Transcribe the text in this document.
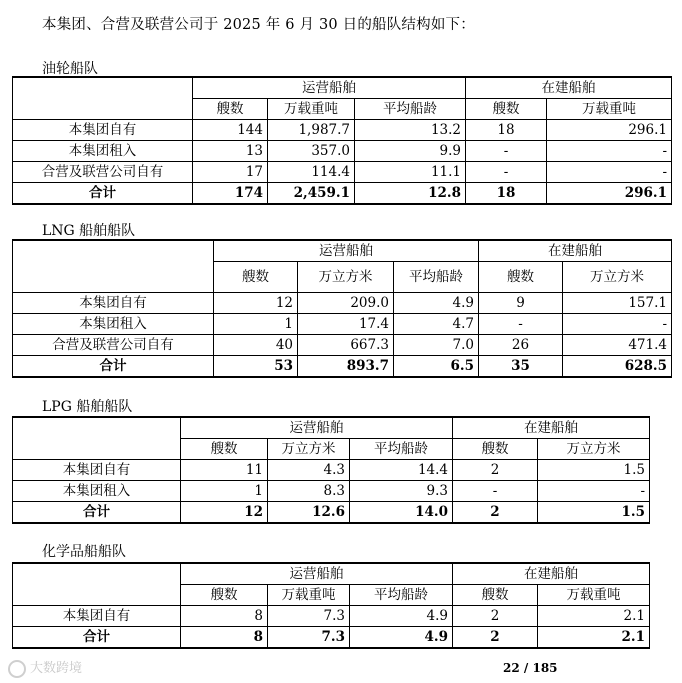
本集团、合营及联营公司于 2025 年 6 月 30 日的船队结构如下：
油轮船队
	运营船舶			在建船舶	
	艘数	万载重吨	平均船龄	艘数	万载重吨
本集团自有	144	1,987.7	13.2	18	296.1
本集团租入	13	357.0	9.9	-	-
合营及联营公司自有	17	114.4	11.1	-	-
合计	174	2,459.1	12.8	18	296.1
LNG 船舶船队
	运营船舶			在建船舶	
	艘数	万立方米	平均船龄	艘数	万立方米
本集团自有	12	209.0	4.9	9	157.1
本集团租入	1	17.4	4.7	-	-
合营及联营公司自有	40	667.3	7.0	26	471.4
合计	53	893.7	6.5	35	628.5
LPG 船舶船队
	运营船舶			在建船舶	
	艘数	万立方米	平均船龄	艘数	万立方米
本集团自有	11	4.3	14.4	2	1.5
本集团租入	1	8.3	9.3	-	-
合计	12	12.6	14.0	2	1.5
化学品船船队
	运营船舶			在建船舶	
	艘数	万载重吨	平均船龄	艘数	万载重吨
本集团自有	8	7.3	4.9	2	2.1
合计	8	7.3	4.9	2	2.1
大数跨境	22 / 185
